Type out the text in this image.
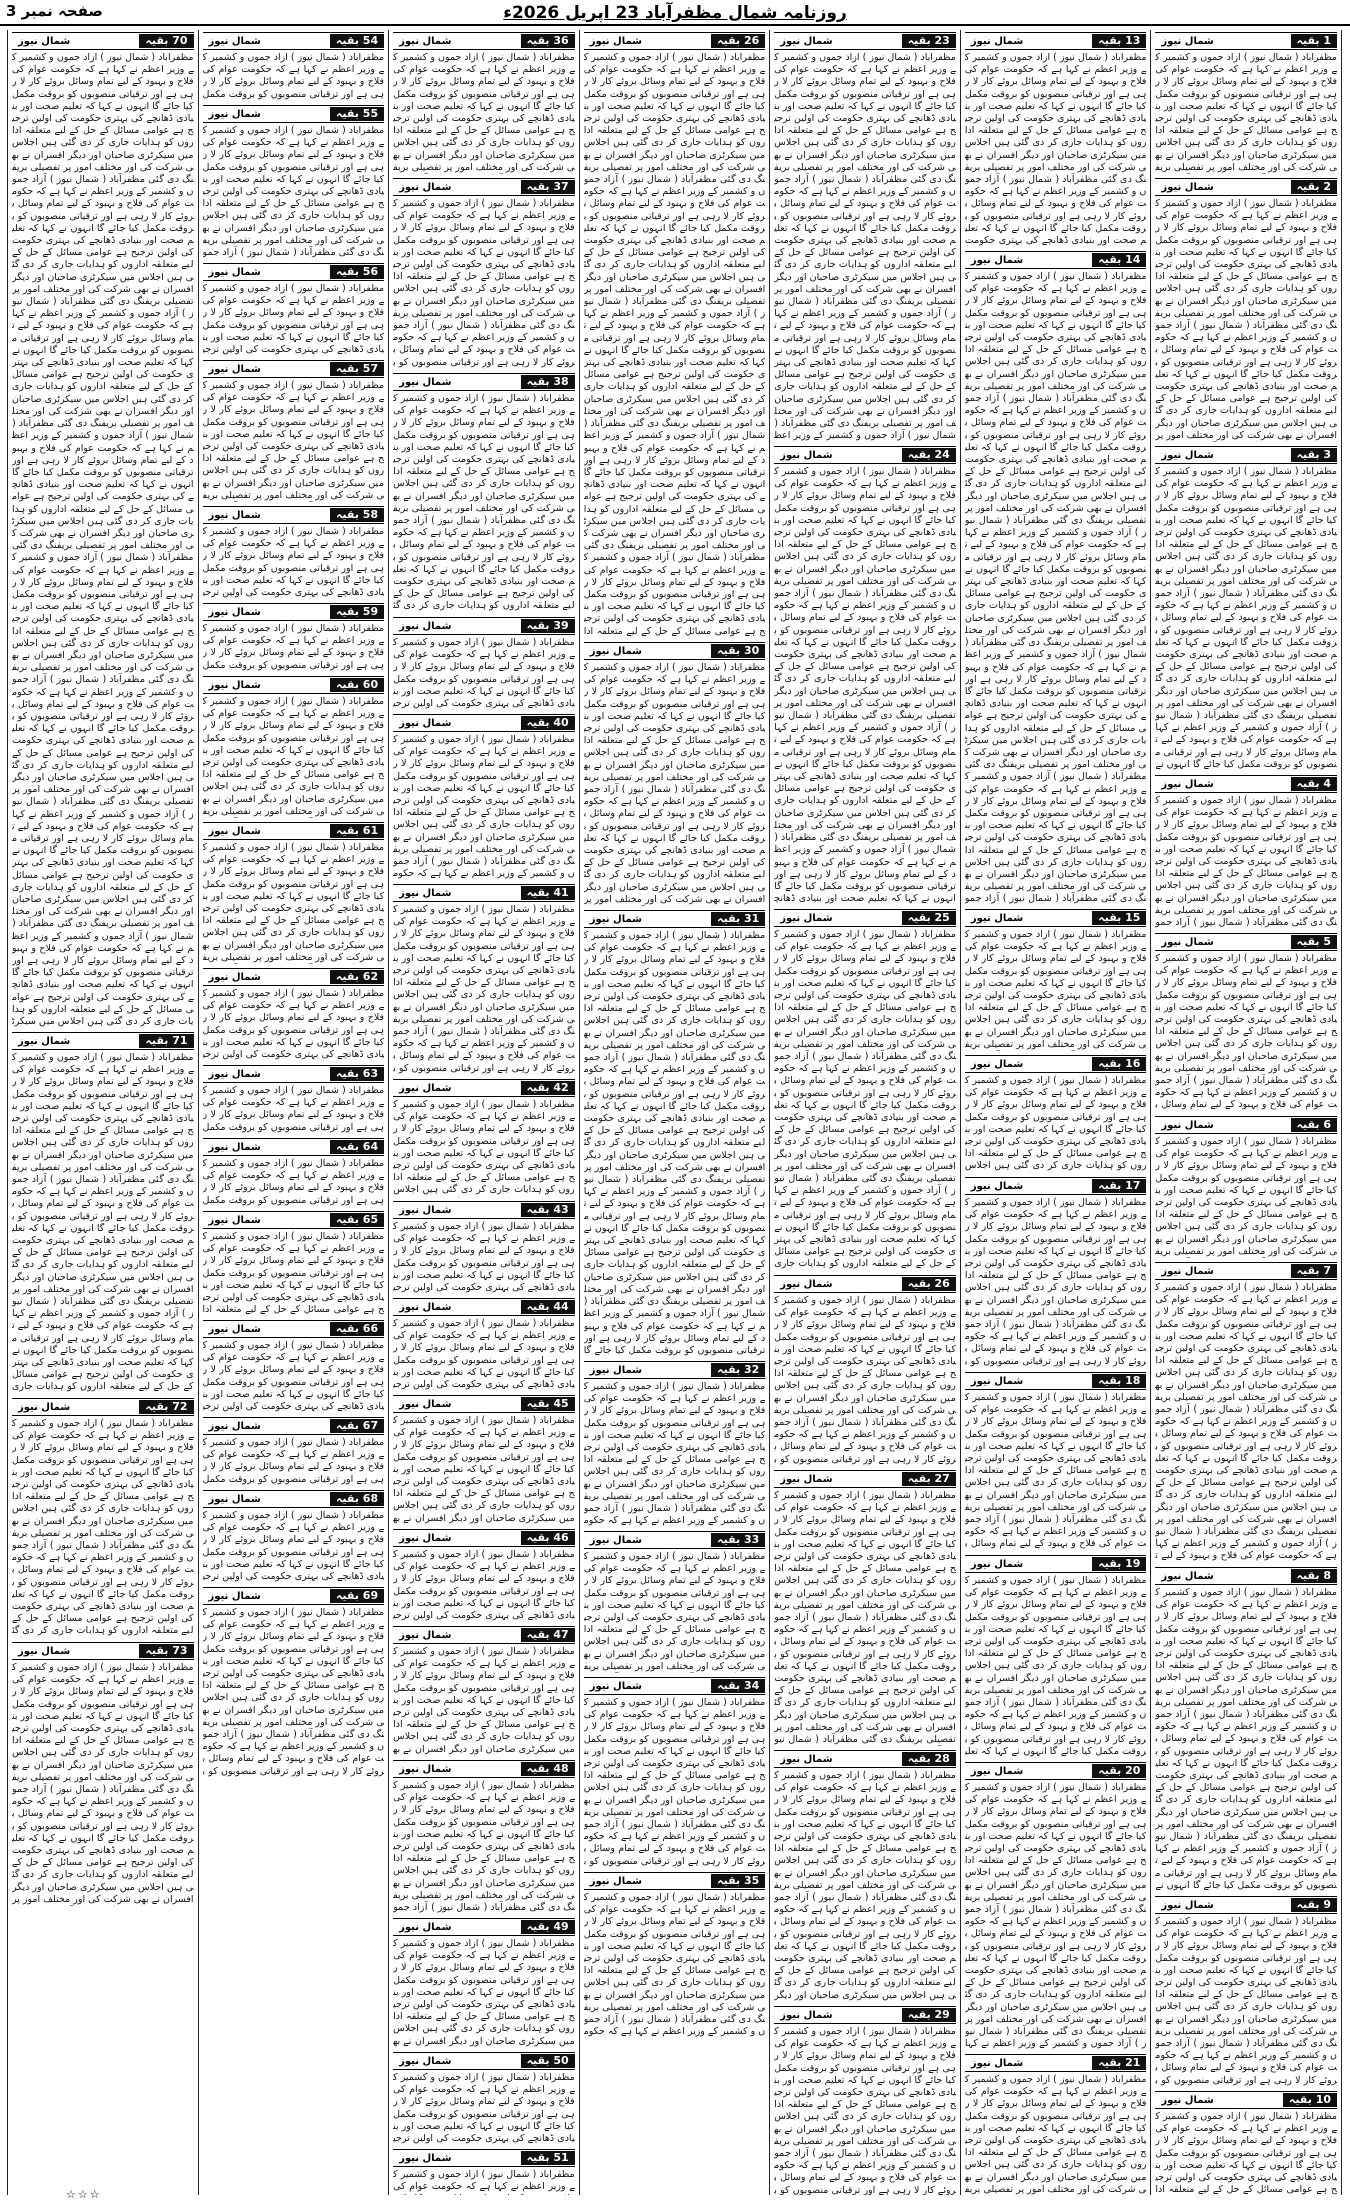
روزنامہ شمال مظفرآباد 23 اپریل 2026ء
صفحہ نمبر 3
1 بقیہ
شمال نیوز
مظفرآباد ( شمال نیوز ) آزاد جموں و کشمیر کے وزیر اعظم نے کہا ہے کہ حکومت عوام کی فلاح و بہبود کے لیے تمام وسائل بروئے کار لا رہی ہے اور ترقیاتی منصوبوں کو بروقت مکمل کیا جائے گا انہوں نے کہا کہ تعلیم صحت اور بنیادی ڈھانچے کی بہتری حکومت کی اولین ترجیح ہے عوامی مسائل کے حل کے لیے متعلقہ اداروں کو ہدایات جاری کر دی گئی ہیں اجلاس میں سیکرٹری صاحبان اور دیگر افسران نے بھی شرکت کی اور مختلف امور پر تفصیلی بریف
2 بقیہ
شمال نیوز
مظفرآباد ( شمال نیوز ) آزاد جموں و کشمیر کے وزیر اعظم نے کہا ہے کہ حکومت عوام کی فلاح و بہبود کے لیے تمام وسائل بروئے کار لا رہی ہے اور ترقیاتی منصوبوں کو بروقت مکمل کیا جائے گا انہوں نے کہا کہ تعلیم صحت اور بنیادی ڈھانچے کی بہتری حکومت کی اولین ترجیح ہے عوامی مسائل کے حل کے لیے متعلقہ اداروں کو ہدایات جاری کر دی گئی ہیں اجلاس میں سیکرٹری صاحبان اور دیگر افسران نے بھی شرکت کی اور مختلف امور پر تفصیلی بریفنگ دی گئی مظفرآباد ( شمال نیوز ) آزاد جموں و کشمیر کے وزیر اعظم نے کہا ہے کہ حکومت عوام کی فلاح و بہبود کے لیے تمام وسائل بروئے کار لا رہی ہے اور ترقیاتی منصوبوں کو بروقت مکمل کیا جائے گا انہوں نے کہا کہ تعلیم صحت اور بنیادی ڈھانچے کی بہتری حکومت کی اولین ترجیح ہے عوامی مسائل کے حل کے لیے متعلقہ اداروں کو ہدایات جاری کر دی گئی ہیں اجلاس میں سیکرٹری صاحبان اور دیگر افسران نے بھی شرکت کی اور مختلف امور پر
3 بقیہ
شمال نیوز
مظفرآباد ( شمال نیوز ) آزاد جموں و کشمیر کے وزیر اعظم نے کہا ہے کہ حکومت عوام کی فلاح و بہبود کے لیے تمام وسائل بروئے کار لا رہی ہے اور ترقیاتی منصوبوں کو بروقت مکمل کیا جائے گا انہوں نے کہا کہ تعلیم صحت اور بنیادی ڈھانچے کی بہتری حکومت کی اولین ترجیح ہے عوامی مسائل کے حل کے لیے متعلقہ اداروں کو ہدایات جاری کر دی گئی ہیں اجلاس میں سیکرٹری صاحبان اور دیگر افسران نے بھی شرکت کی اور مختلف امور پر تفصیلی بریفنگ دی گئی مظفرآباد ( شمال نیوز ) آزاد جموں و کشمیر کے وزیر اعظم نے کہا ہے کہ حکومت عوام کی فلاح و بہبود کے لیے تمام وسائل بروئے کار لا رہی ہے اور ترقیاتی منصوبوں کو بروقت مکمل کیا جائے گا انہوں نے کہا کہ تعلیم صحت اور بنیادی ڈھانچے کی بہتری حکومت کی اولین ترجیح ہے عوامی مسائل کے حل کے لیے متعلقہ اداروں کو ہدایات جاری کر دی گئی ہیں اجلاس میں سیکرٹری صاحبان اور دیگر افسران نے بھی شرکت کی اور مختلف امور پر تفصیلی بریفنگ دی گئی مظفرآباد ( شمال نیوز ) آزاد جموں و کشمیر کے وزیر اعظم نے کہا ہے کہ حکومت عوام کی فلاح و بہبود کے لیے تمام وسائل بروئے کار لا رہی ہے اور ترقیاتی منصوبوں کو بروقت مکمل کیا جائے گا انہوں نے
4 بقیہ
شمال نیوز
مظفرآباد ( شمال نیوز ) آزاد جموں و کشمیر کے وزیر اعظم نے کہا ہے کہ حکومت عوام کی فلاح و بہبود کے لیے تمام وسائل بروئے کار لا رہی ہے اور ترقیاتی منصوبوں کو بروقت مکمل کیا جائے گا انہوں نے کہا کہ تعلیم صحت اور بنیادی ڈھانچے کی بہتری حکومت کی اولین ترجیح ہے عوامی مسائل کے حل کے لیے متعلقہ اداروں کو ہدایات جاری کر دی گئی ہیں اجلاس میں سیکرٹری صاحبان اور دیگر افسران نے بھی شرکت کی اور مختلف امور پر تفصیلی بریفنگ دی گئی مظفرآباد ( شمال نیوز ) آزاد جمو
5 بقیہ
شمال نیوز
مظفرآباد ( شمال نیوز ) آزاد جموں و کشمیر کے وزیر اعظم نے کہا ہے کہ حکومت عوام کی فلاح و بہبود کے لیے تمام وسائل بروئے کار لا رہی ہے اور ترقیاتی منصوبوں کو بروقت مکمل کیا جائے گا انہوں نے کہا کہ تعلیم صحت اور بنیادی ڈھانچے کی بہتری حکومت کی اولین ترجیح ہے عوامی مسائل کے حل کے لیے متعلقہ اداروں کو ہدایات جاری کر دی گئی ہیں اجلاس میں سیکرٹری صاحبان اور دیگر افسران نے بھی شرکت کی اور مختلف امور پر تفصیلی بریفنگ دی گئی مظفرآباد ( شمال نیوز ) آزاد جموں و کشمیر کے وزیر اعظم نے کہا ہے کہ حکومت عوام کی فلاح و بہبود کے لیے تمام وسائل ب
6 بقیہ
شمال نیوز
مظفرآباد ( شمال نیوز ) آزاد جموں و کشمیر کے وزیر اعظم نے کہا ہے کہ حکومت عوام کی فلاح و بہبود کے لیے تمام وسائل بروئے کار لا رہی ہے اور ترقیاتی منصوبوں کو بروقت مکمل کیا جائے گا انہوں نے کہا کہ تعلیم صحت اور بنیادی ڈھانچے کی بہتری حکومت کی اولین ترجیح ہے عوامی مسائل کے حل کے لیے متعلقہ اداروں کو ہدایات جاری کر دی گئی ہیں اجلاس میں سیکرٹری صاحبان اور دیگر افسران نے بھی شرکت کی اور مختلف امور پر تفصیلی بریف
7 بقیہ
شمال نیوز
مظفرآباد ( شمال نیوز ) آزاد جموں و کشمیر کے وزیر اعظم نے کہا ہے کہ حکومت عوام کی فلاح و بہبود کے لیے تمام وسائل بروئے کار لا رہی ہے اور ترقیاتی منصوبوں کو بروقت مکمل کیا جائے گا انہوں نے کہا کہ تعلیم صحت اور بنیادی ڈھانچے کی بہتری حکومت کی اولین ترجیح ہے عوامی مسائل کے حل کے لیے متعلقہ اداروں کو ہدایات جاری کر دی گئی ہیں اجلاس میں سیکرٹری صاحبان اور دیگر افسران نے بھی شرکت کی اور مختلف امور پر تفصیلی بریفنگ دی گئی مظفرآباد ( شمال نیوز ) آزاد جموں و کشمیر کے وزیر اعظم نے کہا ہے کہ حکومت عوام کی فلاح و بہبود کے لیے تمام وسائل بروئے کار لا رہی ہے اور ترقیاتی منصوبوں کو بروقت مکمل کیا جائے گا انہوں نے کہا کہ تعلیم صحت اور بنیادی ڈھانچے کی بہتری حکومت کی اولین ترجیح ہے عوامی مسائل کے حل کے لیے متعلقہ اداروں کو ہدایات جاری کر دی گئی ہیں اجلاس میں سیکرٹری صاحبان اور دیگر افسران نے بھی شرکت کی اور مختلف امور پر تفصیلی بریفنگ دی گئی مظفرآباد ( شمال نیوز ) آزاد جموں و کشمیر کے وزیر اعظم نے کہا ہے کہ حکومت عوام کی فلاح و بہبود کے لیے ت
8 بقیہ
شمال نیوز
مظفرآباد ( شمال نیوز ) آزاد جموں و کشمیر کے وزیر اعظم نے کہا ہے کہ حکومت عوام کی فلاح و بہبود کے لیے تمام وسائل بروئے کار لا رہی ہے اور ترقیاتی منصوبوں کو بروقت مکمل کیا جائے گا انہوں نے کہا کہ تعلیم صحت اور بنیادی ڈھانچے کی بہتری حکومت کی اولین ترجیح ہے عوامی مسائل کے حل کے لیے متعلقہ اداروں کو ہدایات جاری کر دی گئی ہیں اجلاس میں سیکرٹری صاحبان اور دیگر افسران نے بھی شرکت کی اور مختلف امور پر تفصیلی بریفنگ دی گئی مظفرآباد ( شمال نیوز ) آزاد جموں و کشمیر کے وزیر اعظم نے کہا ہے کہ حکومت عوام کی فلاح و بہبود کے لیے تمام وسائل بروئے کار لا رہی ہے اور ترقیاتی منصوبوں کو بروقت مکمل کیا جائے گا انہوں نے کہا کہ تعلیم صحت اور بنیادی ڈھانچے کی بہتری حکومت کی اولین ترجیح ہے عوامی مسائل کے حل کے لیے متعلقہ اداروں کو ہدایات جاری کر دی گئی ہیں اجلاس میں سیکرٹری صاحبان اور دیگر افسران نے بھی شرکت کی اور مختلف امور پر تفصیلی بریفنگ دی گئی مظفرآباد ( شمال نیوز ) آزاد جموں و کشمیر کے وزیر اعظم نے کہا ہے کہ حکومت عوام کی فلاح و بہبود کے لیے تمام وسائل بروئے کار لا رہی ہے اور ترقیاتی منصوبوں کو بروقت مکمل کیا جائے گا انہوں نے
9 بقیہ
شمال نیوز
مظفرآباد ( شمال نیوز ) آزاد جموں و کشمیر کے وزیر اعظم نے کہا ہے کہ حکومت عوام کی فلاح و بہبود کے لیے تمام وسائل بروئے کار لا رہی ہے اور ترقیاتی منصوبوں کو بروقت مکمل کیا جائے گا انہوں نے کہا کہ تعلیم صحت اور بنیادی ڈھانچے کی بہتری حکومت کی اولین ترجیح ہے عوامی مسائل کے حل کے لیے متعلقہ اداروں کو ہدایات جاری کر دی گئی ہیں اجلاس میں سیکرٹری صاحبان اور دیگر افسران نے بھی شرکت کی اور مختلف امور پر تفصیلی بریفنگ دی گئی مظفرآباد ( شمال نیوز ) آزاد جموں و کشمیر کے وزیر اعظم نے کہا ہے کہ حکومت عوام کی فلاح و بہبود کے لیے تمام وسائل بروئے کار لا رہی ہے اور ترقیاتی منصوبوں کو ب
10 بقیہ
شمال نیوز
مظفرآباد ( شمال نیوز ) آزاد جموں و کشمیر کے وزیر اعظم نے کہا ہے کہ حکومت عوام کی فلاح و بہبود کے لیے تمام وسائل بروئے کار لا رہی ہے اور ترقیاتی منصوبوں کو بروقت مکمل کیا جائے گا انہوں نے کہا کہ تعلیم صحت اور بنیادی ڈھانچے کی بہتری حکومت کی اولین ترجیح ہے عوامی مسائل کے حل کے لیے متعلقہ ادا
13 بقیہ
شمال نیوز
مظفرآباد ( شمال نیوز ) آزاد جموں و کشمیر کے وزیر اعظم نے کہا ہے کہ حکومت عوام کی فلاح و بہبود کے لیے تمام وسائل بروئے کار لا رہی ہے اور ترقیاتی منصوبوں کو بروقت مکمل کیا جائے گا انہوں نے کہا کہ تعلیم صحت اور بنیادی ڈھانچے کی بہتری حکومت کی اولین ترجیح ہے عوامی مسائل کے حل کے لیے متعلقہ اداروں کو ہدایات جاری کر دی گئی ہیں اجلاس میں سیکرٹری صاحبان اور دیگر افسران نے بھی شرکت کی اور مختلف امور پر تفصیلی بریفنگ دی گئی مظفرآباد ( شمال نیوز ) آزاد جموں و کشمیر کے وزیر اعظم نے کہا ہے کہ حکومت عوام کی فلاح و بہبود کے لیے تمام وسائل بروئے کار لا رہی ہے اور ترقیاتی منصوبوں کو بروقت مکمل کیا جائے گا انہوں نے کہا کہ تعلیم صحت اور بنیادی ڈھانچے کی بہتری حکومت
14 بقیہ
شمال نیوز
مظفرآباد ( شمال نیوز ) آزاد جموں و کشمیر کے وزیر اعظم نے کہا ہے کہ حکومت عوام کی فلاح و بہبود کے لیے تمام وسائل بروئے کار لا رہی ہے اور ترقیاتی منصوبوں کو بروقت مکمل کیا جائے گا انہوں نے کہا کہ تعلیم صحت اور بنیادی ڈھانچے کی بہتری حکومت کی اولین ترجیح ہے عوامی مسائل کے حل کے لیے متعلقہ اداروں کو ہدایات جاری کر دی گئی ہیں اجلاس میں سیکرٹری صاحبان اور دیگر افسران نے بھی شرکت کی اور مختلف امور پر تفصیلی بریفنگ دی گئی مظفرآباد ( شمال نیوز ) آزاد جموں و کشمیر کے وزیر اعظم نے کہا ہے کہ حکومت عوام کی فلاح و بہبود کے لیے تمام وسائل بروئے کار لا رہی ہے اور ترقیاتی منصوبوں کو بروقت مکمل کیا جائے گا انہوں نے کہا کہ تعلیم صحت اور بنیادی ڈھانچے کی بہتری حکومت کی اولین ترجیح ہے عوامی مسائل کے حل کے لیے متعلقہ اداروں کو ہدایات جاری کر دی گئی ہیں اجلاس میں سیکرٹری صاحبان اور دیگر افسران نے بھی شرکت کی اور مختلف امور پر تفصیلی بریفنگ دی گئی مظفرآباد ( شمال نیوز ) آزاد جموں و کشمیر کے وزیر اعظم نے کہا ہے کہ حکومت عوام کی فلاح و بہبود کے لیے تمام وسائل بروئے کار لا رہی ہے اور ترقیاتی منصوبوں کو بروقت مکمل کیا جائے گا انہوں نے کہا کہ تعلیم صحت اور بنیادی ڈھانچے کی بہتری حکومت کی اولین ترجیح ہے عوامی مسائل کے حل کے لیے متعلقہ اداروں کو ہدایات جاری کر دی گئی ہیں اجلاس میں سیکرٹری صاحبان اور دیگر افسران نے بھی شرکت کی اور مختلف امور پر تفصیلی بریفنگ دی گئی مظفرآباد ( شمال نیوز ) آزاد جموں و کشمیر کے وزیر اعظم نے کہا ہے کہ حکومت عوام کی فلاح و بہبود کے لیے تمام وسائل بروئے کار لا رہی ہے اور ترقیاتی منصوبوں کو بروقت مکمل کیا جائے گا انہوں نے کہا کہ تعلیم صحت اور بنیادی ڈھانچے کی بہتری حکومت کی اولین ترجیح ہے عوامی مسائل کے حل کے لیے متعلقہ اداروں کو ہدایات جاری کر دی گئی ہیں اجلاس میں سیکرٹری صاحبان اور دیگر افسران نے بھی شرکت کی اور مختلف امور پر تفصیلی بریفنگ دی گئی مظفرآباد ( شمال نیوز ) آزاد جموں و کشمیر کے وزیر اعظم نے کہا ہے کہ حکومت عوام کی فلاح و بہبود کے لیے تمام وسائل بروئے کار لا رہی ہے اور ترقیاتی منصوبوں کو بروقت مکمل کیا جائے گا انہوں نے کہا کہ تعلیم صحت اور بنیادی ڈھانچے کی بہتری حکومت کی اولین ترجیح ہے عوامی مسائل کے حل کے لیے متعلقہ اداروں کو ہدایات جاری کر دی گئی ہیں اجلاس میں سیکرٹری صاحبان اور دیگر افسران نے بھی شرکت کی اور مختلف امور پر تفصیلی بریفنگ دی گئی مظفرآباد ( شمال نیوز ) آزاد جمو
15 بقیہ
شمال نیوز
مظفرآباد ( شمال نیوز ) آزاد جموں و کشمیر کے وزیر اعظم نے کہا ہے کہ حکومت عوام کی فلاح و بہبود کے لیے تمام وسائل بروئے کار لا رہی ہے اور ترقیاتی منصوبوں کو بروقت مکمل کیا جائے گا انہوں نے کہا کہ تعلیم صحت اور بنیادی ڈھانچے کی بہتری حکومت کی اولین ترجیح ہے عوامی مسائل کے حل کے لیے متعلقہ اداروں کو ہدایات جاری کر دی گئی ہیں اجلاس میں سیکرٹری صاحبان اور دیگر افسران نے بھی شرکت کی اور مختلف امور پر تفصیلی بریف
16 بقیہ
شمال نیوز
مظفرآباد ( شمال نیوز ) آزاد جموں و کشمیر کے وزیر اعظم نے کہا ہے کہ حکومت عوام کی فلاح و بہبود کے لیے تمام وسائل بروئے کار لا رہی ہے اور ترقیاتی منصوبوں کو بروقت مکمل کیا جائے گا انہوں نے کہا کہ تعلیم صحت اور بنیادی ڈھانچے کی بہتری حکومت کی اولین ترجیح ہے عوامی مسائل کے حل کے لیے متعلقہ اداروں کو ہدایات جاری کر دی گئی ہیں اجلاس
17 بقیہ
شمال نیوز
مظفرآباد ( شمال نیوز ) آزاد جموں و کشمیر کے وزیر اعظم نے کہا ہے کہ حکومت عوام کی فلاح و بہبود کے لیے تمام وسائل بروئے کار لا رہی ہے اور ترقیاتی منصوبوں کو بروقت مکمل کیا جائے گا انہوں نے کہا کہ تعلیم صحت اور بنیادی ڈھانچے کی بہتری حکومت کی اولین ترجیح ہے عوامی مسائل کے حل کے لیے متعلقہ اداروں کو ہدایات جاری کر دی گئی ہیں اجلاس میں سیکرٹری صاحبان اور دیگر افسران نے بھی شرکت کی اور مختلف امور پر تفصیلی بریفنگ دی گئی مظفرآباد ( شمال نیوز ) آزاد جموں و کشمیر کے وزیر اعظم نے کہا ہے کہ حکومت عوام کی فلاح و بہبود کے لیے تمام وسائل بروئے کار لا رہی ہے اور ترقیاتی منصوبوں کو ب
18 بقیہ
شمال نیوز
مظفرآباد ( شمال نیوز ) آزاد جموں و کشمیر کے وزیر اعظم نے کہا ہے کہ حکومت عوام کی فلاح و بہبود کے لیے تمام وسائل بروئے کار لا رہی ہے اور ترقیاتی منصوبوں کو بروقت مکمل کیا جائے گا انہوں نے کہا کہ تعلیم صحت اور بنیادی ڈھانچے کی بہتری حکومت کی اولین ترجیح ہے عوامی مسائل کے حل کے لیے متعلقہ اداروں کو ہدایات جاری کر دی گئی ہیں اجلاس میں سیکرٹری صاحبان اور دیگر افسران نے بھی شرکت کی اور مختلف امور پر تفصیلی بریفنگ دی گئی مظفرآباد ( شمال نیوز ) آزاد جموں و کشمیر کے وزیر اعظم نے کہا ہے کہ حکومت عوام کی فلاح و بہبود کے لیے تمام وسائل ب
19 بقیہ
شمال نیوز
مظفرآباد ( شمال نیوز ) آزاد جموں و کشمیر کے وزیر اعظم نے کہا ہے کہ حکومت عوام کی فلاح و بہبود کے لیے تمام وسائل بروئے کار لا رہی ہے اور ترقیاتی منصوبوں کو بروقت مکمل کیا جائے گا انہوں نے کہا کہ تعلیم صحت اور بنیادی ڈھانچے کی بہتری حکومت کی اولین ترجیح ہے عوامی مسائل کے حل کے لیے متعلقہ اداروں کو ہدایات جاری کر دی گئی ہیں اجلاس میں سیکرٹری صاحبان اور دیگر افسران نے بھی شرکت کی اور مختلف امور پر تفصیلی بریفنگ دی گئی مظفرآباد ( شمال نیوز ) آزاد جموں و کشمیر کے وزیر اعظم نے کہا ہے کہ حکومت عوام کی فلاح و بہبود کے لیے تمام وسائل بروئے کار لا رہی ہے اور ترقیاتی منصوبوں کو بروقت مکمل کیا جائے گا انہوں نے کہا کہ تعلی
20 بقیہ
شمال نیوز
مظفرآباد ( شمال نیوز ) آزاد جموں و کشمیر کے وزیر اعظم نے کہا ہے کہ حکومت عوام کی فلاح و بہبود کے لیے تمام وسائل بروئے کار لا رہی ہے اور ترقیاتی منصوبوں کو بروقت مکمل کیا جائے گا انہوں نے کہا کہ تعلیم صحت اور بنیادی ڈھانچے کی بہتری حکومت کی اولین ترجیح ہے عوامی مسائل کے حل کے لیے متعلقہ اداروں کو ہدایات جاری کر دی گئی ہیں اجلاس میں سیکرٹری صاحبان اور دیگر افسران نے بھی شرکت کی اور مختلف امور پر تفصیلی بریفنگ دی گئی مظفرآباد ( شمال نیوز ) آزاد جموں و کشمیر کے وزیر اعظم نے کہا ہے کہ حکومت عوام کی فلاح و بہبود کے لیے تمام وسائل بروئے کار لا رہی ہے اور ترقیاتی منصوبوں کو بروقت مکمل کیا جائے گا انہوں نے کہا کہ تعلیم صحت اور بنیادی ڈھانچے کی بہتری حکومت کی اولین ترجیح ہے عوامی مسائل کے حل کے لیے متعلقہ اداروں کو ہدایات جاری کر دی گئی ہیں اجلاس میں سیکرٹری صاحبان اور دیگر افسران نے بھی شرکت کی اور مختلف امور پر تفصیلی بریفنگ دی گئی مظفرآباد ( شمال نیوز ) آزاد جموں و کشمیر کے وزیر اعظم نے کہا
21 بقیہ
شمال نیوز
مظفرآباد ( شمال نیوز ) آزاد جموں و کشمیر کے وزیر اعظم نے کہا ہے کہ حکومت عوام کی فلاح و بہبود کے لیے تمام وسائل بروئے کار لا رہی ہے اور ترقیاتی منصوبوں کو بروقت مکمل کیا جائے گا انہوں نے کہا کہ تعلیم صحت اور بنیادی ڈھانچے کی بہتری حکومت کی اولین ترجیح ہے عوامی مسائل کے حل کے لیے متعلقہ اداروں کو ہدایات جاری کر دی گئی ہیں اجلاس میں سیکرٹری صاحبان اور دیگر افسران نے بھی شرکت کی اور مختلف امور پر تفصیلی بریف
23 بقیہ
شمال نیوز
مظفرآباد ( شمال نیوز ) آزاد جموں و کشمیر کے وزیر اعظم نے کہا ہے کہ حکومت عوام کی فلاح و بہبود کے لیے تمام وسائل بروئے کار لا رہی ہے اور ترقیاتی منصوبوں کو بروقت مکمل کیا جائے گا انہوں نے کہا کہ تعلیم صحت اور بنیادی ڈھانچے کی بہتری حکومت کی اولین ترجیح ہے عوامی مسائل کے حل کے لیے متعلقہ اداروں کو ہدایات جاری کر دی گئی ہیں اجلاس میں سیکرٹری صاحبان اور دیگر افسران نے بھی شرکت کی اور مختلف امور پر تفصیلی بریفنگ دی گئی مظفرآباد ( شمال نیوز ) آزاد جموں و کشمیر کے وزیر اعظم نے کہا ہے کہ حکومت عوام کی فلاح و بہبود کے لیے تمام وسائل بروئے کار لا رہی ہے اور ترقیاتی منصوبوں کو بروقت مکمل کیا جائے گا انہوں نے کہا کہ تعلیم صحت اور بنیادی ڈھانچے کی بہتری حکومت کی اولین ترجیح ہے عوامی مسائل کے حل کے لیے متعلقہ اداروں کو ہدایات جاری کر دی گئی ہیں اجلاس میں سیکرٹری صاحبان اور دیگر افسران نے بھی شرکت کی اور مختلف امور پر تفصیلی بریفنگ دی گئی مظفرآباد ( شمال نیوز ) آزاد جموں و کشمیر کے وزیر اعظم نے کہا ہے کہ حکومت عوام کی فلاح و بہبود کے لیے تمام وسائل بروئے کار لا رہی ہے اور ترقیاتی منصوبوں کو بروقت مکمل کیا جائے گا انہوں نے کہا کہ تعلیم صحت اور بنیادی ڈھانچے کی بہتری حکومت کی اولین ترجیح ہے عوامی مسائل کے حل کے لیے متعلقہ اداروں کو ہدایات جاری کر دی گئی ہیں اجلاس میں سیکرٹری صاحبان اور دیگر افسران نے بھی شرکت کی اور مختلف امور پر تفصیلی بریفنگ دی گئی مظفرآباد ( شمال نیوز ) آزاد جموں و کشمیر کے وزیر اعظ
24 بقیہ
شمال نیوز
مظفرآباد ( شمال نیوز ) آزاد جموں و کشمیر کے وزیر اعظم نے کہا ہے کہ حکومت عوام کی فلاح و بہبود کے لیے تمام وسائل بروئے کار لا رہی ہے اور ترقیاتی منصوبوں کو بروقت مکمل کیا جائے گا انہوں نے کہا کہ تعلیم صحت اور بنیادی ڈھانچے کی بہتری حکومت کی اولین ترجیح ہے عوامی مسائل کے حل کے لیے متعلقہ اداروں کو ہدایات جاری کر دی گئی ہیں اجلاس میں سیکرٹری صاحبان اور دیگر افسران نے بھی شرکت کی اور مختلف امور پر تفصیلی بریفنگ دی گئی مظفرآباد ( شمال نیوز ) آزاد جموں و کشمیر کے وزیر اعظم نے کہا ہے کہ حکومت عوام کی فلاح و بہبود کے لیے تمام وسائل بروئے کار لا رہی ہے اور ترقیاتی منصوبوں کو بروقت مکمل کیا جائے گا انہوں نے کہا کہ تعلیم صحت اور بنیادی ڈھانچے کی بہتری حکومت کی اولین ترجیح ہے عوامی مسائل کے حل کے لیے متعلقہ اداروں کو ہدایات جاری کر دی گئی ہیں اجلاس میں سیکرٹری صاحبان اور دیگر افسران نے بھی شرکت کی اور مختلف امور پر تفصیلی بریفنگ دی گئی مظفرآباد ( شمال نیوز ) آزاد جموں و کشمیر کے وزیر اعظم نے کہا ہے کہ حکومت عوام کی فلاح و بہبود کے لیے تمام وسائل بروئے کار لا رہی ہے اور ترقیاتی منصوبوں کو بروقت مکمل کیا جائے گا انہوں نے کہا کہ تعلیم صحت اور بنیادی ڈھانچے کی بہتری حکومت کی اولین ترجیح ہے عوامی مسائل کے حل کے لیے متعلقہ اداروں کو ہدایات جاری کر دی گئی ہیں اجلاس میں سیکرٹری صاحبان اور دیگر افسران نے بھی شرکت کی اور مختلف امور پر تفصیلی بریفنگ دی گئی مظفرآباد ( شمال نیوز ) آزاد جموں و کشمیر کے وزیر اعظم نے کہا ہے کہ حکومت عوام کی فلاح و بہبود کے لیے تمام وسائل بروئے کار لا رہی ہے اور ترقیاتی منصوبوں کو بروقت مکمل کیا جائے گا انہوں نے کہا کہ تعلیم صحت اور بنیادی ڈھانچ
25 بقیہ
شمال نیوز
مظفرآباد ( شمال نیوز ) آزاد جموں و کشمیر کے وزیر اعظم نے کہا ہے کہ حکومت عوام کی فلاح و بہبود کے لیے تمام وسائل بروئے کار لا رہی ہے اور ترقیاتی منصوبوں کو بروقت مکمل کیا جائے گا انہوں نے کہا کہ تعلیم صحت اور بنیادی ڈھانچے کی بہتری حکومت کی اولین ترجیح ہے عوامی مسائل کے حل کے لیے متعلقہ اداروں کو ہدایات جاری کر دی گئی ہیں اجلاس میں سیکرٹری صاحبان اور دیگر افسران نے بھی شرکت کی اور مختلف امور پر تفصیلی بریفنگ دی گئی مظفرآباد ( شمال نیوز ) آزاد جموں و کشمیر کے وزیر اعظم نے کہا ہے کہ حکومت عوام کی فلاح و بہبود کے لیے تمام وسائل بروئے کار لا رہی ہے اور ترقیاتی منصوبوں کو بروقت مکمل کیا جائے گا انہوں نے کہا کہ تعلیم صحت اور بنیادی ڈھانچے کی بہتری حکومت کی اولین ترجیح ہے عوامی مسائل کے حل کے لیے متعلقہ اداروں کو ہدایات جاری کر دی گئی ہیں اجلاس میں سیکرٹری صاحبان اور دیگر افسران نے بھی شرکت کی اور مختلف امور پر تفصیلی بریفنگ دی گئی مظفرآباد ( شمال نیوز ) آزاد جموں و کشمیر کے وزیر اعظم نے کہا ہے کہ حکومت عوام کی فلاح و بہبود کے لیے تمام وسائل بروئے کار لا رہی ہے اور ترقیاتی منصوبوں کو بروقت مکمل کیا جائے گا انہوں نے کہا کہ تعلیم صحت اور بنیادی ڈھانچے کی بہتری حکومت کی اولین ترجیح ہے عوامی مسائل کے حل کے لیے متعلقہ اداروں کو ہدایات جاری
26 بقیہ
شمال نیوز
مظفرآباد ( شمال نیوز ) آزاد جموں و کشمیر کے وزیر اعظم نے کہا ہے کہ حکومت عوام کی فلاح و بہبود کے لیے تمام وسائل بروئے کار لا رہی ہے اور ترقیاتی منصوبوں کو بروقت مکمل کیا جائے گا انہوں نے کہا کہ تعلیم صحت اور بنیادی ڈھانچے کی بہتری حکومت کی اولین ترجیح ہے عوامی مسائل کے حل کے لیے متعلقہ اداروں کو ہدایات جاری کر دی گئی ہیں اجلاس میں سیکرٹری صاحبان اور دیگر افسران نے بھی شرکت کی اور مختلف امور پر تفصیلی بریفنگ دی گئی مظفرآباد ( شمال نیوز ) آزاد جموں و کشمیر کے وزیر اعظم نے کہا ہے کہ حکومت عوام کی فلاح و بہبود کے لیے تمام وسائل بروئے کار لا رہی ہے اور ترقیاتی منصوبوں کو ب
27 بقیہ
شمال نیوز
مظفرآباد ( شمال نیوز ) آزاد جموں و کشمیر کے وزیر اعظم نے کہا ہے کہ حکومت عوام کی فلاح و بہبود کے لیے تمام وسائل بروئے کار لا رہی ہے اور ترقیاتی منصوبوں کو بروقت مکمل کیا جائے گا انہوں نے کہا کہ تعلیم صحت اور بنیادی ڈھانچے کی بہتری حکومت کی اولین ترجیح ہے عوامی مسائل کے حل کے لیے متعلقہ اداروں کو ہدایات جاری کر دی گئی ہیں اجلاس میں سیکرٹری صاحبان اور دیگر افسران نے بھی شرکت کی اور مختلف امور پر تفصیلی بریفنگ دی گئی مظفرآباد ( شمال نیوز ) آزاد جموں و کشمیر کے وزیر اعظم نے کہا ہے کہ حکومت عوام کی فلاح و بہبود کے لیے تمام وسائل بروئے کار لا رہی ہے اور ترقیاتی منصوبوں کو بروقت مکمل کیا جائے گا انہوں نے کہا کہ تعلیم صحت اور بنیادی ڈھانچے کی بہتری حکومت کی اولین ترجیح ہے عوامی مسائل کے حل کے لیے متعلقہ اداروں کو ہدایات جاری کر دی گئی ہیں اجلاس میں سیکرٹری صاحبان اور دیگر افسران نے بھی شرکت کی اور مختلف امور پر تفصیلی بریفنگ دی گئی مظفرآباد ( شمال نیو
28 بقیہ
شمال نیوز
مظفرآباد ( شمال نیوز ) آزاد جموں و کشمیر کے وزیر اعظم نے کہا ہے کہ حکومت عوام کی فلاح و بہبود کے لیے تمام وسائل بروئے کار لا رہی ہے اور ترقیاتی منصوبوں کو بروقت مکمل کیا جائے گا انہوں نے کہا کہ تعلیم صحت اور بنیادی ڈھانچے کی بہتری حکومت کی اولین ترجیح ہے عوامی مسائل کے حل کے لیے متعلقہ اداروں کو ہدایات جاری کر دی گئی ہیں اجلاس میں سیکرٹری صاحبان اور دیگر افسران نے بھی شرکت کی اور مختلف امور پر تفصیلی بریفنگ دی گئی مظفرآباد ( شمال نیوز ) آزاد جموں و کشمیر کے وزیر اعظم نے کہا ہے کہ حکومت عوام کی فلاح و بہبود کے لیے تمام وسائل بروئے کار لا رہی ہے اور ترقیاتی منصوبوں کو بروقت مکمل کیا جائے گا انہوں نے کہا کہ تعلیم صحت اور بنیادی ڈھانچے کی بہتری حکومت کی اولین ترجیح ہے عوامی مسائل کے حل کے لیے متعلقہ اداروں کو ہدایات جاری کر دی گئی ہیں اجلاس میں سیکرٹری صاحبان اور دیگر
29 بقیہ
شمال نیوز
مظفرآباد ( شمال نیوز ) آزاد جموں و کشمیر کے وزیر اعظم نے کہا ہے کہ حکومت عوام کی فلاح و بہبود کے لیے تمام وسائل بروئے کار لا رہی ہے اور ترقیاتی منصوبوں کو بروقت مکمل کیا جائے گا انہوں نے کہا کہ تعلیم صحت اور بنیادی ڈھانچے کی بہتری حکومت کی اولین ترجیح ہے عوامی مسائل کے حل کے لیے متعلقہ اداروں کو ہدایات جاری کر دی گئی ہیں اجلاس میں سیکرٹری صاحبان اور دیگر افسران نے بھی شرکت کی اور مختلف امور پر تفصیلی بریفنگ دی گئی مظفرآباد ( شمال نیوز ) آزاد جموں و کشمیر کے وزیر اعظم نے کہا ہے کہ حکومت عوام کی فلاح و بہبود کے لیے تمام وسائل بروئے کار لا رہی ہے اور ترقیاتی منصوبوں کو ب
26 بقیہ
شمال نیوز
مظفرآباد ( شمال نیوز ) آزاد جموں و کشمیر کے وزیر اعظم نے کہا ہے کہ حکومت عوام کی فلاح و بہبود کے لیے تمام وسائل بروئے کار لا رہی ہے اور ترقیاتی منصوبوں کو بروقت مکمل کیا جائے گا انہوں نے کہا کہ تعلیم صحت اور بنیادی ڈھانچے کی بہتری حکومت کی اولین ترجیح ہے عوامی مسائل کے حل کے لیے متعلقہ اداروں کو ہدایات جاری کر دی گئی ہیں اجلاس میں سیکرٹری صاحبان اور دیگر افسران نے بھی شرکت کی اور مختلف امور پر تفصیلی بریفنگ دی گئی مظفرآباد ( شمال نیوز ) آزاد جموں و کشمیر کے وزیر اعظم نے کہا ہے کہ حکومت عوام کی فلاح و بہبود کے لیے تمام وسائل بروئے کار لا رہی ہے اور ترقیاتی منصوبوں کو بروقت مکمل کیا جائے گا انہوں نے کہا کہ تعلیم صحت اور بنیادی ڈھانچے کی بہتری حکومت کی اولین ترجیح ہے عوامی مسائل کے حل کے لیے متعلقہ اداروں کو ہدایات جاری کر دی گئی ہیں اجلاس میں سیکرٹری صاحبان اور دیگر افسران نے بھی شرکت کی اور مختلف امور پر تفصیلی بریفنگ دی گئی مظفرآباد ( شمال نیوز ) آزاد جموں و کشمیر کے وزیر اعظم نے کہا ہے کہ حکومت عوام کی فلاح و بہبود کے لیے تمام وسائل بروئے کار لا رہی ہے اور ترقیاتی منصوبوں کو بروقت مکمل کیا جائے گا انہوں نے کہا کہ تعلیم صحت اور بنیادی ڈھانچے کی بہتری حکومت کی اولین ترجیح ہے عوامی مسائل کے حل کے لیے متعلقہ اداروں کو ہدایات جاری کر دی گئی ہیں اجلاس میں سیکرٹری صاحبان اور دیگر افسران نے بھی شرکت کی اور مختلف امور پر تفصیلی بریفنگ دی گئی مظفرآباد ( شمال نیوز ) آزاد جموں و کشمیر کے وزیر اعظم نے کہا ہے کہ حکومت عوام کی فلاح و بہبود کے لیے تمام وسائل بروئے کار لا رہی ہے اور ترقیاتی منصوبوں کو بروقت مکمل کیا جائے گا انہوں نے کہا کہ تعلیم صحت اور بنیادی ڈھانچے کی بہتری حکومت کی اولین ترجیح ہے عوامی مسائل کے حل کے لیے متعلقہ اداروں کو ہدایات جاری کر دی گئی ہیں اجلاس میں سیکرٹری صاحبان اور دیگر افسران نے بھی شرکت کی اور مختلف امور پر تفصیلی بریفنگ دی گئی مظفرآباد ( شمال نیوز ) آزاد جموں و کشمیر کے وزیر اعظم نے کہا ہے کہ حکومت عوام کی فلاح و بہبود کے لیے تمام وسائل بروئے کار لا رہی ہے اور ترقیاتی منصوبوں کو بروقت مکمل کیا جائے گا انہوں نے کہا کہ تعلیم صحت اور بنیادی ڈھانچے کی بہتری حکومت کی اولین ترجیح ہے عوامی مسائل کے حل کے لیے متعلقہ ادا
30 بقیہ
شمال نیوز
مظفرآباد ( شمال نیوز ) آزاد جموں و کشمیر کے وزیر اعظم نے کہا ہے کہ حکومت عوام کی فلاح و بہبود کے لیے تمام وسائل بروئے کار لا رہی ہے اور ترقیاتی منصوبوں کو بروقت مکمل کیا جائے گا انہوں نے کہا کہ تعلیم صحت اور بنیادی ڈھانچے کی بہتری حکومت کی اولین ترجیح ہے عوامی مسائل کے حل کے لیے متعلقہ اداروں کو ہدایات جاری کر دی گئی ہیں اجلاس میں سیکرٹری صاحبان اور دیگر افسران نے بھی شرکت کی اور مختلف امور پر تفصیلی بریفنگ دی گئی مظفرآباد ( شمال نیوز ) آزاد جموں و کشمیر کے وزیر اعظم نے کہا ہے کہ حکومت عوام کی فلاح و بہبود کے لیے تمام وسائل بروئے کار لا رہی ہے اور ترقیاتی منصوبوں کو بروقت مکمل کیا جائے گا انہوں نے کہا کہ تعلیم صحت اور بنیادی ڈھانچے کی بہتری حکومت کی اولین ترجیح ہے عوامی مسائل کے حل کے لیے متعلقہ اداروں کو ہدایات جاری کر دی گئی ہیں اجلاس میں سیکرٹری صاحبان اور دیگر افسران نے بھی شرکت کی اور مختلف امور پر
31 بقیہ
شمال نیوز
مظفرآباد ( شمال نیوز ) آزاد جموں و کشمیر کے وزیر اعظم نے کہا ہے کہ حکومت عوام کی فلاح و بہبود کے لیے تمام وسائل بروئے کار لا رہی ہے اور ترقیاتی منصوبوں کو بروقت مکمل کیا جائے گا انہوں نے کہا کہ تعلیم صحت اور بنیادی ڈھانچے کی بہتری حکومت کی اولین ترجیح ہے عوامی مسائل کے حل کے لیے متعلقہ اداروں کو ہدایات جاری کر دی گئی ہیں اجلاس میں سیکرٹری صاحبان اور دیگر افسران نے بھی شرکت کی اور مختلف امور پر تفصیلی بریفنگ دی گئی مظفرآباد ( شمال نیوز ) آزاد جموں و کشمیر کے وزیر اعظم نے کہا ہے کہ حکومت عوام کی فلاح و بہبود کے لیے تمام وسائل بروئے کار لا رہی ہے اور ترقیاتی منصوبوں کو بروقت مکمل کیا جائے گا انہوں نے کہا کہ تعلیم صحت اور بنیادی ڈھانچے کی بہتری حکومت کی اولین ترجیح ہے عوامی مسائل کے حل کے لیے متعلقہ اداروں کو ہدایات جاری کر دی گئی ہیں اجلاس میں سیکرٹری صاحبان اور دیگر افسران نے بھی شرکت کی اور مختلف امور پر تفصیلی بریفنگ دی گئی مظفرآباد ( شمال نیوز ) آزاد جموں و کشمیر کے وزیر اعظم نے کہا ہے کہ حکومت عوام کی فلاح و بہبود کے لیے تمام وسائل بروئے کار لا رہی ہے اور ترقیاتی منصوبوں کو بروقت مکمل کیا جائے گا انہوں نے کہا کہ تعلیم صحت اور بنیادی ڈھانچے کی بہتری حکومت کی اولین ترجیح ہے عوامی مسائل کے حل کے لیے متعلقہ اداروں کو ہدایات جاری کر دی گئی ہیں اجلاس میں سیکرٹری صاحبان اور دیگر افسران نے بھی شرکت کی اور مختلف امور پر تفصیلی بریفنگ دی گئی مظفرآباد ( شمال نیوز ) آزاد جموں و کشمیر کے وزیر اعظم نے کہا ہے کہ حکومت عوام کی فلاح و بہبود کے لیے تمام وسائل بروئے کار لا رہی ہے اور ترقیاتی منصوبوں کو بروقت مکمل کیا جائے گا
32 بقیہ
شمال نیوز
مظفرآباد ( شمال نیوز ) آزاد جموں و کشمیر کے وزیر اعظم نے کہا ہے کہ حکومت عوام کی فلاح و بہبود کے لیے تمام وسائل بروئے کار لا رہی ہے اور ترقیاتی منصوبوں کو بروقت مکمل کیا جائے گا انہوں نے کہا کہ تعلیم صحت اور بنیادی ڈھانچے کی بہتری حکومت کی اولین ترجیح ہے عوامی مسائل کے حل کے لیے متعلقہ اداروں کو ہدایات جاری کر دی گئی ہیں اجلاس میں سیکرٹری صاحبان اور دیگر افسران نے بھی شرکت کی اور مختلف امور پر تفصیلی بریفنگ دی گئی مظفرآباد ( شمال نیوز ) آزاد جموں و کشمیر کے وزیر اعظم نے کہا ہے کہ حکوم
33 بقیہ
شمال نیوز
مظفرآباد ( شمال نیوز ) آزاد جموں و کشمیر کے وزیر اعظم نے کہا ہے کہ حکومت عوام کی فلاح و بہبود کے لیے تمام وسائل بروئے کار لا رہی ہے اور ترقیاتی منصوبوں کو بروقت مکمل کیا جائے گا انہوں نے کہا کہ تعلیم صحت اور بنیادی ڈھانچے کی بہتری حکومت کی اولین ترجیح ہے عوامی مسائل کے حل کے لیے متعلقہ اداروں کو ہدایات جاری کر دی گئی ہیں اجلاس میں سیکرٹری صاحبان اور دیگر افسران نے بھی شرکت کی اور مختلف امور پر تفصیلی بریف
34 بقیہ
شمال نیوز
مظفرآباد ( شمال نیوز ) آزاد جموں و کشمیر کے وزیر اعظم نے کہا ہے کہ حکومت عوام کی فلاح و بہبود کے لیے تمام وسائل بروئے کار لا رہی ہے اور ترقیاتی منصوبوں کو بروقت مکمل کیا جائے گا انہوں نے کہا کہ تعلیم صحت اور بنیادی ڈھانچے کی بہتری حکومت کی اولین ترجیح ہے عوامی مسائل کے حل کے لیے متعلقہ اداروں کو ہدایات جاری کر دی گئی ہیں اجلاس میں سیکرٹری صاحبان اور دیگر افسران نے بھی شرکت کی اور مختلف امور پر تفصیلی بریفنگ دی گئی مظفرآباد ( شمال نیوز ) آزاد جموں و کشمیر کے وزیر اعظم نے کہا ہے کہ حکومت عوام کی فلاح و بہبود کے لیے تمام وسائل بروئے کار لا رہی ہے اور ترقیاتی منصوبوں کو ب
35 بقیہ
شمال نیوز
مظفرآباد ( شمال نیوز ) آزاد جموں و کشمیر کے وزیر اعظم نے کہا ہے کہ حکومت عوام کی فلاح و بہبود کے لیے تمام وسائل بروئے کار لا رہی ہے اور ترقیاتی منصوبوں کو بروقت مکمل کیا جائے گا انہوں نے کہا کہ تعلیم صحت اور بنیادی ڈھانچے کی بہتری حکومت کی اولین ترجیح ہے عوامی مسائل کے حل کے لیے متعلقہ اداروں کو ہدایات جاری کر دی گئی ہیں اجلاس میں سیکرٹری صاحبان اور دیگر افسران نے بھی شرکت کی اور مختلف امور پر تفصیلی بریفنگ دی گئی مظفرآباد ( شمال نیوز ) آزاد جموں و کشمیر کے وزیر اعظم نے کہا ہے کہ حکوم
36 بقیہ
شمال نیوز
مظفرآباد ( شمال نیوز ) آزاد جموں و کشمیر کے وزیر اعظم نے کہا ہے کہ حکومت عوام کی فلاح و بہبود کے لیے تمام وسائل بروئے کار لا رہی ہے اور ترقیاتی منصوبوں کو بروقت مکمل کیا جائے گا انہوں نے کہا کہ تعلیم صحت اور بنیادی ڈھانچے کی بہتری حکومت کی اولین ترجیح ہے عوامی مسائل کے حل کے لیے متعلقہ اداروں کو ہدایات جاری کر دی گئی ہیں اجلاس میں سیکرٹری صاحبان اور دیگر افسران نے بھی شرکت کی اور مختلف امور پر تفصیلی بریف
37 بقیہ
شمال نیوز
مظفرآباد ( شمال نیوز ) آزاد جموں و کشمیر کے وزیر اعظم نے کہا ہے کہ حکومت عوام کی فلاح و بہبود کے لیے تمام وسائل بروئے کار لا رہی ہے اور ترقیاتی منصوبوں کو بروقت مکمل کیا جائے گا انہوں نے کہا کہ تعلیم صحت اور بنیادی ڈھانچے کی بہتری حکومت کی اولین ترجیح ہے عوامی مسائل کے حل کے لیے متعلقہ اداروں کو ہدایات جاری کر دی گئی ہیں اجلاس میں سیکرٹری صاحبان اور دیگر افسران نے بھی شرکت کی اور مختلف امور پر تفصیلی بریفنگ دی گئی مظفرآباد ( شمال نیوز ) آزاد جموں و کشمیر کے وزیر اعظم نے کہا ہے کہ حکومت عوام کی فلاح و بہبود کے لیے تمام وسائل بروئے کار لا رہی ہے اور ترقیاتی منصوبوں کو ب
38 بقیہ
شمال نیوز
مظفرآباد ( شمال نیوز ) آزاد جموں و کشمیر کے وزیر اعظم نے کہا ہے کہ حکومت عوام کی فلاح و بہبود کے لیے تمام وسائل بروئے کار لا رہی ہے اور ترقیاتی منصوبوں کو بروقت مکمل کیا جائے گا انہوں نے کہا کہ تعلیم صحت اور بنیادی ڈھانچے کی بہتری حکومت کی اولین ترجیح ہے عوامی مسائل کے حل کے لیے متعلقہ اداروں کو ہدایات جاری کر دی گئی ہیں اجلاس میں سیکرٹری صاحبان اور دیگر افسران نے بھی شرکت کی اور مختلف امور پر تفصیلی بریفنگ دی گئی مظفرآباد ( شمال نیوز ) آزاد جموں و کشمیر کے وزیر اعظم نے کہا ہے کہ حکومت عوام کی فلاح و بہبود کے لیے تمام وسائل بروئے کار لا رہی ہے اور ترقیاتی منصوبوں کو بروقت مکمل کیا جائے گا انہوں نے کہا کہ تعلیم صحت اور بنیادی ڈھانچے کی بہتری حکومت کی اولین ترجیح ہے عوامی مسائل کے حل کے لیے متعلقہ اداروں کو ہدایات جاری کر دی گئ
39 بقیہ
شمال نیوز
مظفرآباد ( شمال نیوز ) آزاد جموں و کشمیر کے وزیر اعظم نے کہا ہے کہ حکومت عوام کی فلاح و بہبود کے لیے تمام وسائل بروئے کار لا رہی ہے اور ترقیاتی منصوبوں کو بروقت مکمل کیا جائے گا انہوں نے کہا کہ تعلیم صحت اور بنیادی ڈھانچے کی بہتری حکومت کی اولین ترجی
40 بقیہ
شمال نیوز
مظفرآباد ( شمال نیوز ) آزاد جموں و کشمیر کے وزیر اعظم نے کہا ہے کہ حکومت عوام کی فلاح و بہبود کے لیے تمام وسائل بروئے کار لا رہی ہے اور ترقیاتی منصوبوں کو بروقت مکمل کیا جائے گا انہوں نے کہا کہ تعلیم صحت اور بنیادی ڈھانچے کی بہتری حکومت کی اولین ترجیح ہے عوامی مسائل کے حل کے لیے متعلقہ اداروں کو ہدایات جاری کر دی گئی ہیں اجلاس میں سیکرٹری صاحبان اور دیگر افسران نے بھی شرکت کی اور مختلف امور پر تفصیلی بریفنگ دی گئی مظفرآباد ( شمال نیوز ) آزاد جموں و کشمیر کے وزیر اعظم نے کہا ہے کہ حکوم
41 بقیہ
شمال نیوز
مظفرآباد ( شمال نیوز ) آزاد جموں و کشمیر کے وزیر اعظم نے کہا ہے کہ حکومت عوام کی فلاح و بہبود کے لیے تمام وسائل بروئے کار لا رہی ہے اور ترقیاتی منصوبوں کو بروقت مکمل کیا جائے گا انہوں نے کہا کہ تعلیم صحت اور بنیادی ڈھانچے کی بہتری حکومت کی اولین ترجیح ہے عوامی مسائل کے حل کے لیے متعلقہ اداروں کو ہدایات جاری کر دی گئی ہیں اجلاس میں سیکرٹری صاحبان اور دیگر افسران نے بھی شرکت کی اور مختلف امور پر تفصیلی بریفنگ دی گئی مظفرآباد ( شمال نیوز ) آزاد جموں و کشمیر کے وزیر اعظم نے کہا ہے کہ حکومت عوام کی فلاح و بہبود کے لیے تمام وسائل بروئے کار لا رہی ہے اور ترقیاتی منصوبوں کو ب
42 بقیہ
شمال نیوز
مظفرآباد ( شمال نیوز ) آزاد جموں و کشمیر کے وزیر اعظم نے کہا ہے کہ حکومت عوام کی فلاح و بہبود کے لیے تمام وسائل بروئے کار لا رہی ہے اور ترقیاتی منصوبوں کو بروقت مکمل کیا جائے گا انہوں نے کہا کہ تعلیم صحت اور بنیادی ڈھانچے کی بہتری حکومت کی اولین ترجیح ہے عوامی مسائل کے حل کے لیے متعلقہ اداروں کو ہدایات جاری کر دی گئی ہیں اجلاس
43 بقیہ
شمال نیوز
مظفرآباد ( شمال نیوز ) آزاد جموں و کشمیر کے وزیر اعظم نے کہا ہے کہ حکومت عوام کی فلاح و بہبود کے لیے تمام وسائل بروئے کار لا رہی ہے اور ترقیاتی منصوبوں کو بروقت مکمل کیا جائے گا انہوں نے کہا کہ تعلیم صحت اور بنیادی ڈھانچے کی بہتری حکومت کی اولین ترجی
44 بقیہ
شمال نیوز
مظفرآباد ( شمال نیوز ) آزاد جموں و کشمیر کے وزیر اعظم نے کہا ہے کہ حکومت عوام کی فلاح و بہبود کے لیے تمام وسائل بروئے کار لا رہی ہے اور ترقیاتی منصوبوں کو بروقت مکمل کیا جائے گا انہوں نے کہا کہ تعلیم صحت اور بنیادی ڈھانچے کی بہتری حکومت کی اولین ترجی
45 بقیہ
شمال نیوز
مظفرآباد ( شمال نیوز ) آزاد جموں و کشمیر کے وزیر اعظم نے کہا ہے کہ حکومت عوام کی فلاح و بہبود کے لیے تمام وسائل بروئے کار لا رہی ہے اور ترقیاتی منصوبوں کو بروقت مکمل کیا جائے گا انہوں نے کہا کہ تعلیم صحت اور بنیادی ڈھانچے کی بہتری حکومت کی اولین ترجیح ہے عوامی مسائل کے حل کے لیے متعلقہ اداروں کو ہدایات جاری کر دی گئی ہیں اجلاس میں سیکرٹری صاحبان اور دیگر افسران نے بھ
46 بقیہ
شمال نیوز
مظفرآباد ( شمال نیوز ) آزاد جموں و کشمیر کے وزیر اعظم نے کہا ہے کہ حکومت عوام کی فلاح و بہبود کے لیے تمام وسائل بروئے کار لا رہی ہے اور ترقیاتی منصوبوں کو بروقت مکمل کیا جائے گا انہوں نے کہا کہ تعلیم صحت اور بنیادی ڈھانچے کی بہتری حکومت کی اولین ترجی
47 بقیہ
شمال نیوز
مظفرآباد ( شمال نیوز ) آزاد جموں و کشمیر کے وزیر اعظم نے کہا ہے کہ حکومت عوام کی فلاح و بہبود کے لیے تمام وسائل بروئے کار لا رہی ہے اور ترقیاتی منصوبوں کو بروقت مکمل کیا جائے گا انہوں نے کہا کہ تعلیم صحت اور بنیادی ڈھانچے کی بہتری حکومت کی اولین ترجیح ہے عوامی مسائل کے حل کے لیے متعلقہ اداروں کو ہدایات جاری کر دی گئی ہیں اجلاس میں سیکرٹری صاحبان اور دیگر افسران نے بھ
48 بقیہ
شمال نیوز
مظفرآباد ( شمال نیوز ) آزاد جموں و کشمیر کے وزیر اعظم نے کہا ہے کہ حکومت عوام کی فلاح و بہبود کے لیے تمام وسائل بروئے کار لا رہی ہے اور ترقیاتی منصوبوں کو بروقت مکمل کیا جائے گا انہوں نے کہا کہ تعلیم صحت اور بنیادی ڈھانچے کی بہتری حکومت کی اولین ترجیح ہے عوامی مسائل کے حل کے لیے متعلقہ اداروں کو ہدایات جاری کر دی گئی ہیں اجلاس میں سیکرٹری صاحبان اور دیگر افسران نے بھی شرکت کی اور مختلف امور پر تفصیلی بریفنگ دی گئی مظفرآباد ( شمال نیوز ) آزاد جمو
49 بقیہ
شمال نیوز
مظفرآباد ( شمال نیوز ) آزاد جموں و کشمیر کے وزیر اعظم نے کہا ہے کہ حکومت عوام کی فلاح و بہبود کے لیے تمام وسائل بروئے کار لا رہی ہے اور ترقیاتی منصوبوں کو بروقت مکمل کیا جائے گا انہوں نے کہا کہ تعلیم صحت اور بنیادی ڈھانچے کی بہتری حکومت کی اولین ترجیح ہے عوامی مسائل کے حل کے لیے متعلقہ اداروں کو ہدایات جاری کر دی گئی ہیں اجلاس میں سیکرٹری صاحبان اور دیگر افسران نے بھ
50 بقیہ
شمال نیوز
مظفرآباد ( شمال نیوز ) آزاد جموں و کشمیر کے وزیر اعظم نے کہا ہے کہ حکومت عوام کی فلاح و بہبود کے لیے تمام وسائل بروئے کار لا رہی ہے اور ترقیاتی منصوبوں کو بروقت مکمل کیا جائے گا انہوں نے کہا کہ تعلیم صحت اور بنیادی ڈھانچے کی بہتری حکومت کی اولین ترجی
51 بقیہ
شمال نیوز
مظفرآباد ( شمال نیوز ) آزاد جموں و کشمیر کے وزیر اعظم نے کہا ہے کہ حکومت عوام کی
54 بقیہ
شمال نیوز
مظفرآباد ( شمال نیوز ) آزاد جموں و کشمیر کے وزیر اعظم نے کہا ہے کہ حکومت عوام کی فلاح و بہبود کے لیے تمام وسائل بروئے کار لا رہی ہے اور ترقیاتی منصوبوں کو بروقت مکمل
55 بقیہ
شمال نیوز
مظفرآباد ( شمال نیوز ) آزاد جموں و کشمیر کے وزیر اعظم نے کہا ہے کہ حکومت عوام کی فلاح و بہبود کے لیے تمام وسائل بروئے کار لا رہی ہے اور ترقیاتی منصوبوں کو بروقت مکمل کیا جائے گا انہوں نے کہا کہ تعلیم صحت اور بنیادی ڈھانچے کی بہتری حکومت کی اولین ترجیح ہے عوامی مسائل کے حل کے لیے متعلقہ اداروں کو ہدایات جاری کر دی گئی ہیں اجلاس میں سیکرٹری صاحبان اور دیگر افسران نے بھی شرکت کی اور مختلف امور پر تفصیلی بریفنگ دی گئی مظفرآباد ( شمال نیوز ) آزاد جمو
56 بقیہ
شمال نیوز
مظفرآباد ( شمال نیوز ) آزاد جموں و کشمیر کے وزیر اعظم نے کہا ہے کہ حکومت عوام کی فلاح و بہبود کے لیے تمام وسائل بروئے کار لا رہی ہے اور ترقیاتی منصوبوں کو بروقت مکمل کیا جائے گا انہوں نے کہا کہ تعلیم صحت اور بنیادی ڈھانچے کی بہتری حکومت کی اولین ترجی
57 بقیہ
شمال نیوز
مظفرآباد ( شمال نیوز ) آزاد جموں و کشمیر کے وزیر اعظم نے کہا ہے کہ حکومت عوام کی فلاح و بہبود کے لیے تمام وسائل بروئے کار لا رہی ہے اور ترقیاتی منصوبوں کو بروقت مکمل کیا جائے گا انہوں نے کہا کہ تعلیم صحت اور بنیادی ڈھانچے کی بہتری حکومت کی اولین ترجیح ہے عوامی مسائل کے حل کے لیے متعلقہ اداروں کو ہدایات جاری کر دی گئی ہیں اجلاس میں سیکرٹری صاحبان اور دیگر افسران نے بھی شرکت کی اور مختلف امور پر تفصیلی بریف
58 بقیہ
شمال نیوز
مظفرآباد ( شمال نیوز ) آزاد جموں و کشمیر کے وزیر اعظم نے کہا ہے کہ حکومت عوام کی فلاح و بہبود کے لیے تمام وسائل بروئے کار لا رہی ہے اور ترقیاتی منصوبوں کو بروقت مکمل کیا جائے گا انہوں نے کہا کہ تعلیم صحت اور بنیادی ڈھانچے کی بہتری حکومت کی اولین ترجی
59 بقیہ
شمال نیوز
مظفرآباد ( شمال نیوز ) آزاد جموں و کشمیر کے وزیر اعظم نے کہا ہے کہ حکومت عوام کی فلاح و بہبود کے لیے تمام وسائل بروئے کار لا رہی ہے اور ترقیاتی منصوبوں کو بروقت مکمل
60 بقیہ
شمال نیوز
مظفرآباد ( شمال نیوز ) آزاد جموں و کشمیر کے وزیر اعظم نے کہا ہے کہ حکومت عوام کی فلاح و بہبود کے لیے تمام وسائل بروئے کار لا رہی ہے اور ترقیاتی منصوبوں کو بروقت مکمل کیا جائے گا انہوں نے کہا کہ تعلیم صحت اور بنیادی ڈھانچے کی بہتری حکومت کی اولین ترجیح ہے عوامی مسائل کے حل کے لیے متعلقہ اداروں کو ہدایات جاری کر دی گئی ہیں اجلاس میں سیکرٹری صاحبان اور دیگر افسران نے بھی شرکت کی اور مختلف امور پر تفصیلی بریف
61 بقیہ
شمال نیوز
مظفرآباد ( شمال نیوز ) آزاد جموں و کشمیر کے وزیر اعظم نے کہا ہے کہ حکومت عوام کی فلاح و بہبود کے لیے تمام وسائل بروئے کار لا رہی ہے اور ترقیاتی منصوبوں کو بروقت مکمل کیا جائے گا انہوں نے کہا کہ تعلیم صحت اور بنیادی ڈھانچے کی بہتری حکومت کی اولین ترجیح ہے عوامی مسائل کے حل کے لیے متعلقہ اداروں کو ہدایات جاری کر دی گئی ہیں اجلاس میں سیکرٹری صاحبان اور دیگر افسران نے بھی شرکت کی اور مختلف امور پر تفصیلی بریف
62 بقیہ
شمال نیوز
مظفرآباد ( شمال نیوز ) آزاد جموں و کشمیر کے وزیر اعظم نے کہا ہے کہ حکومت عوام کی فلاح و بہبود کے لیے تمام وسائل بروئے کار لا رہی ہے اور ترقیاتی منصوبوں کو بروقت مکمل کیا جائے گا انہوں نے کہا کہ تعلیم صحت اور بنیادی ڈھانچے کی بہتری حکومت کی اولین ترجی
63 بقیہ
شمال نیوز
مظفرآباد ( شمال نیوز ) آزاد جموں و کشمیر کے وزیر اعظم نے کہا ہے کہ حکومت عوام کی فلاح و بہبود کے لیے تمام وسائل بروئے کار لا رہی ہے اور ترقیاتی منصوبوں کو بروقت مکمل
64 بقیہ
شمال نیوز
مظفرآباد ( شمال نیوز ) آزاد جموں و کشمیر کے وزیر اعظم نے کہا ہے کہ حکومت عوام کی فلاح و بہبود کے لیے تمام وسائل بروئے کار لا رہی ہے اور ترقیاتی منصوبوں کو بروقت مکمل
65 بقیہ
شمال نیوز
مظفرآباد ( شمال نیوز ) آزاد جموں و کشمیر کے وزیر اعظم نے کہا ہے کہ حکومت عوام کی فلاح و بہبود کے لیے تمام وسائل بروئے کار لا رہی ہے اور ترقیاتی منصوبوں کو بروقت مکمل کیا جائے گا انہوں نے کہا کہ تعلیم صحت اور بنیادی ڈھانچے کی بہتری حکومت کی اولین ترجیح ہے عوامی مسائل کے حل کے لیے متعلقہ ادا
66 بقیہ
شمال نیوز
مظفرآباد ( شمال نیوز ) آزاد جموں و کشمیر کے وزیر اعظم نے کہا ہے کہ حکومت عوام کی فلاح و بہبود کے لیے تمام وسائل بروئے کار لا رہی ہے اور ترقیاتی منصوبوں کو بروقت مکمل کیا جائے گا انہوں نے کہا کہ تعلیم صحت اور بنیادی ڈھانچے کی بہتری حکومت کی اولین ترجی
67 بقیہ
شمال نیوز
مظفرآباد ( شمال نیوز ) آزاد جموں و کشمیر کے وزیر اعظم نے کہا ہے کہ حکومت عوام کی فلاح و بہبود کے لیے تمام وسائل بروئے کار لا رہی ہے اور ترقیاتی منصوبوں کو بروقت مکمل
68 بقیہ
شمال نیوز
مظفرآباد ( شمال نیوز ) آزاد جموں و کشمیر کے وزیر اعظم نے کہا ہے کہ حکومت عوام کی فلاح و بہبود کے لیے تمام وسائل بروئے کار لا رہی ہے اور ترقیاتی منصوبوں کو بروقت مکمل کیا جائے گا انہوں نے کہا کہ تعلیم صحت اور بنیادی ڈھانچے کی بہتری حکومت کی اولین ترجی
69 بقیہ
شمال نیوز
مظفرآباد ( شمال نیوز ) آزاد جموں و کشمیر کے وزیر اعظم نے کہا ہے کہ حکومت عوام کی فلاح و بہبود کے لیے تمام وسائل بروئے کار لا رہی ہے اور ترقیاتی منصوبوں کو بروقت مکمل کیا جائے گا انہوں نے کہا کہ تعلیم صحت اور بنیادی ڈھانچے کی بہتری حکومت کی اولین ترجیح ہے عوامی مسائل کے حل کے لیے متعلقہ اداروں کو ہدایات جاری کر دی گئی ہیں اجلاس میں سیکرٹری صاحبان اور دیگر افسران نے بھی شرکت کی اور مختلف امور پر تفصیلی بریفنگ دی گئی مظفرآباد ( شمال نیوز ) آزاد جموں و کشمیر کے وزیر اعظم نے کہا ہے کہ حکومت عوام کی فلاح و بہبود کے لیے تمام وسائل بروئے کار لا رہی ہے اور ترقیاتی منصوبوں کو ب
70 بقیہ
شمال نیوز
مظفرآباد ( شمال نیوز ) آزاد جموں و کشمیر کے وزیر اعظم نے کہا ہے کہ حکومت عوام کی فلاح و بہبود کے لیے تمام وسائل بروئے کار لا رہی ہے اور ترقیاتی منصوبوں کو بروقت مکمل کیا جائے گا انہوں نے کہا کہ تعلیم صحت اور بنیادی ڈھانچے کی بہتری حکومت کی اولین ترجیح ہے عوامی مسائل کے حل کے لیے متعلقہ اداروں کو ہدایات جاری کر دی گئی ہیں اجلاس میں سیکرٹری صاحبان اور دیگر افسران نے بھی شرکت کی اور مختلف امور پر تفصیلی بریفنگ دی گئی مظفرآباد ( شمال نیوز ) آزاد جموں و کشمیر کے وزیر اعظم نے کہا ہے کہ حکومت عوام کی فلاح و بہبود کے لیے تمام وسائل بروئے کار لا رہی ہے اور ترقیاتی منصوبوں کو بروقت مکمل کیا جائے گا انہوں نے کہا کہ تعلیم صحت اور بنیادی ڈھانچے کی بہتری حکومت کی اولین ترجیح ہے عوامی مسائل کے حل کے لیے متعلقہ اداروں کو ہدایات جاری کر دی گئی ہیں اجلاس میں سیکرٹری صاحبان اور دیگر افسران نے بھی شرکت کی اور مختلف امور پر تفصیلی بریفنگ دی گئی مظفرآباد ( شمال نیوز ) آزاد جموں و کشمیر کے وزیر اعظم نے کہا ہے کہ حکومت عوام کی فلاح و بہبود کے لیے تمام وسائل بروئے کار لا رہی ہے اور ترقیاتی منصوبوں کو بروقت مکمل کیا جائے گا انہوں نے کہا کہ تعلیم صحت اور بنیادی ڈھانچے کی بہتری حکومت کی اولین ترجیح ہے عوامی مسائل کے حل کے لیے متعلقہ اداروں کو ہدایات جاری کر دی گئی ہیں اجلاس میں سیکرٹری صاحبان اور دیگر افسران نے بھی شرکت کی اور مختلف امور پر تفصیلی بریفنگ دی گئی مظفرآباد ( شمال نیوز ) آزاد جموں و کشمیر کے وزیر اعظم نے کہا ہے کہ حکومت عوام کی فلاح و بہبود کے لیے تمام وسائل بروئے کار لا رہی ہے اور ترقیاتی منصوبوں کو بروقت مکمل کیا جائے گا انہوں نے کہا کہ تعلیم صحت اور بنیادی ڈھانچے کی بہتری حکومت کی اولین ترجیح ہے عوامی مسائل کے حل کے لیے متعلقہ اداروں کو ہدایات جاری کر دی گئی ہیں اجلاس میں سیکرٹری صاحبان اور دیگر افسران نے بھی شرکت کی اور مختلف امور پر تفصیلی بریفنگ دی گئی مظفرآباد ( شمال نیوز ) آزاد جموں و کشمیر کے وزیر اعظم نے کہا ہے کہ حکومت عوام کی فلاح و بہبود کے لیے تمام وسائل بروئے کار لا رہی ہے اور ترقیاتی منصوبوں کو بروقت مکمل کیا جائے گا انہوں نے کہا کہ تعلیم صحت اور بنیادی ڈھانچے کی بہتری حکومت کی اولین ترجیح ہے عوامی مسائل کے حل کے لیے متعلقہ اداروں کو ہدایات جاری کر دی گئی ہیں اجلاس میں سیکرٹری صاحبان اور دیگر افسران نے بھی شرکت کی اور مختلف امور پر تفصیلی بریفنگ دی گئی مظفرآباد ( شمال نیوز ) آزاد جموں و کشمیر کے وزیر اعظم نے کہا ہے کہ حکومت عوام کی فلاح و بہبود کے لیے تمام وسائل بروئے کار لا رہی ہے اور ترقیاتی منصوبوں کو بروقت مکمل کیا جائے گا انہوں نے کہا کہ تعلیم صحت اور بنیادی ڈھانچے کی بہتری حکومت کی اولین ترجیح ہے عوامی مسائل کے حل کے لیے متعلقہ اداروں کو ہدایات جاری کر دی گئی ہیں اجلاس میں سیکرٹری صاحبان اور دیگر افسران نے بھی شرکت کی اور مختلف امور پر تفصیلی بریفنگ دی گئی مظفرآباد ( شمال نیوز ) آزاد جموں و کشمیر کے وزیر اعظم نے کہا ہے کہ حکومت عوام کی فلاح و بہبود کے لیے تمام وسائل بروئے کار لا رہی ہے اور ترقیاتی منصوبوں کو بروقت مکمل کیا جائے گا انہوں نے کہا کہ تعلیم صحت اور بنیادی ڈھانچے کی بہتری حکومت کی اولین ترجیح ہے عوامی مسائل کے حل کے لیے متعلقہ اداروں کو ہدایات جاری کر دی گئی ہیں اجلاس میں سیکرٹری صاحبان اور دیگر افسران نے بھی شرکت کی اور مختلف امور پر تفصیلی بریفنگ دی گئی مظفرآباد ( شمال نیوز ) آزاد جموں و کشمیر کے وزیر اعظم نے کہا ہے کہ حکومت عوام کی فلاح و بہبود کے لیے تمام وسائل بروئے کار لا رہی ہے اور ترقیاتی منصوبوں کو بروقت مکمل کیا جائے گا انہوں نے کہا کہ تعلیم صحت اور بنیادی ڈھانچے کی بہتری حکومت کی اولین ترجیح ہے عوامی مسائل کے حل کے لیے متعلقہ اداروں کو ہدایات جاری کر دی گئی ہیں اجلاس میں سیکرٹ
71 بقیہ
شمال نیوز
مظفرآباد ( شمال نیوز ) آزاد جموں و کشمیر کے وزیر اعظم نے کہا ہے کہ حکومت عوام کی فلاح و بہبود کے لیے تمام وسائل بروئے کار لا رہی ہے اور ترقیاتی منصوبوں کو بروقت مکمل کیا جائے گا انہوں نے کہا کہ تعلیم صحت اور بنیادی ڈھانچے کی بہتری حکومت کی اولین ترجیح ہے عوامی مسائل کے حل کے لیے متعلقہ اداروں کو ہدایات جاری کر دی گئی ہیں اجلاس میں سیکرٹری صاحبان اور دیگر افسران نے بھی شرکت کی اور مختلف امور پر تفصیلی بریفنگ دی گئی مظفرآباد ( شمال نیوز ) آزاد جموں و کشمیر کے وزیر اعظم نے کہا ہے کہ حکومت عوام کی فلاح و بہبود کے لیے تمام وسائل بروئے کار لا رہی ہے اور ترقیاتی منصوبوں کو بروقت مکمل کیا جائے گا انہوں نے کہا کہ تعلیم صحت اور بنیادی ڈھانچے کی بہتری حکومت کی اولین ترجیح ہے عوامی مسائل کے حل کے لیے متعلقہ اداروں کو ہدایات جاری کر دی گئی ہیں اجلاس میں سیکرٹری صاحبان اور دیگر افسران نے بھی شرکت کی اور مختلف امور پر تفصیلی بریفنگ دی گئی مظفرآباد ( شمال نیوز ) آزاد جموں و کشمیر کے وزیر اعظم نے کہا ہے کہ حکومت عوام کی فلاح و بہبود کے لیے تمام وسائل بروئے کار لا رہی ہے اور ترقیاتی منصوبوں کو بروقت مکمل کیا جائے گا انہوں نے کہا کہ تعلیم صحت اور بنیادی ڈھانچے کی بہتری حکومت کی اولین ترجیح ہے عوامی مسائل کے حل کے لیے متعلقہ اداروں کو ہدایات جاری
72 بقیہ
شمال نیوز
مظفرآباد ( شمال نیوز ) آزاد جموں و کشمیر کے وزیر اعظم نے کہا ہے کہ حکومت عوام کی فلاح و بہبود کے لیے تمام وسائل بروئے کار لا رہی ہے اور ترقیاتی منصوبوں کو بروقت مکمل کیا جائے گا انہوں نے کہا کہ تعلیم صحت اور بنیادی ڈھانچے کی بہتری حکومت کی اولین ترجیح ہے عوامی مسائل کے حل کے لیے متعلقہ اداروں کو ہدایات جاری کر دی گئی ہیں اجلاس میں سیکرٹری صاحبان اور دیگر افسران نے بھی شرکت کی اور مختلف امور پر تفصیلی بریفنگ دی گئی مظفرآباد ( شمال نیوز ) آزاد جموں و کشمیر کے وزیر اعظم نے کہا ہے کہ حکومت عوام کی فلاح و بہبود کے لیے تمام وسائل بروئے کار لا رہی ہے اور ترقیاتی منصوبوں کو بروقت مکمل کیا جائے گا انہوں نے کہا کہ تعلیم صحت اور بنیادی ڈھانچے کی بہتری حکومت کی اولین ترجیح ہے عوامی مسائل کے حل کے لیے متعلقہ اداروں کو ہدایات جاری کر دی گئ
73 بقیہ
شمال نیوز
مظفرآباد ( شمال نیوز ) آزاد جموں و کشمیر کے وزیر اعظم نے کہا ہے کہ حکومت عوام کی فلاح و بہبود کے لیے تمام وسائل بروئے کار لا رہی ہے اور ترقیاتی منصوبوں کو بروقت مکمل کیا جائے گا انہوں نے کہا کہ تعلیم صحت اور بنیادی ڈھانچے کی بہتری حکومت کی اولین ترجیح ہے عوامی مسائل کے حل کے لیے متعلقہ اداروں کو ہدایات جاری کر دی گئی ہیں اجلاس میں سیکرٹری صاحبان اور دیگر افسران نے بھی شرکت کی اور مختلف امور پر تفصیلی بریفنگ دی گئی مظفرآباد ( شمال نیوز ) آزاد جموں و کشمیر کے وزیر اعظم نے کہا ہے کہ حکومت عوام کی فلاح و بہبود کے لیے تمام وسائل بروئے کار لا رہی ہے اور ترقیاتی منصوبوں کو بروقت مکمل کیا جائے گا انہوں نے کہا کہ تعلیم صحت اور بنیادی ڈھانچے کی بہتری حکومت کی اولین ترجیح ہے عوامی مسائل کے حل کے لیے متعلقہ اداروں کو ہدایات جاری کر دی گئی ہیں اجلاس میں سیکرٹری صاحبان اور دیگر افسران نے بھی شرکت کی اور مختلف امور پر
☆☆☆
